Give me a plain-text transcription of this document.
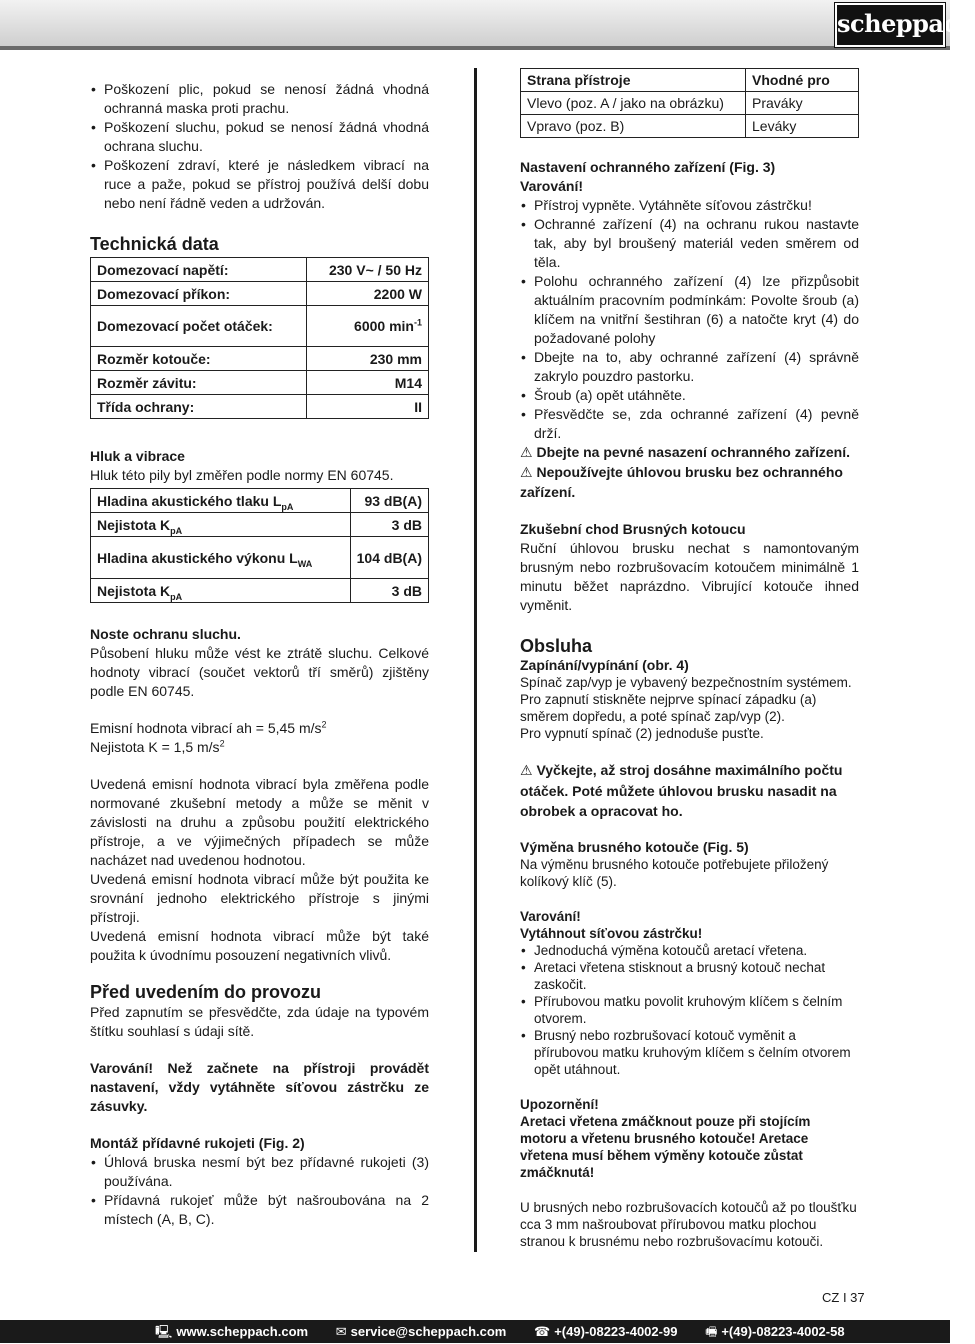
scheppach
• Poškození plic, pokud se nenosí žádná vhodná ochranná maska proti prachu.
• Poškození sluchu, pokud se nenosí žádná vhodná ochrana sluchu.
• Poškození zdraví, které je následkem vibrací na ruce a paže, pokud se přístroj používá delší dobu nebo není řádně veden a udržován.
Technická data
Domezovací napětí:	230 V~ / 50 Hz
Domezovací příkon:	2200 W
Domezovací počet otáček:	6000 $\min^{-1}$
Rozměr kotouče:	230 mm
Rozměr závitu:	M14
Třída ochrany:	II
Hluk a vibrace

Hluk této pily byl změřen podle normy EN 60745.

Hladina akustického tlaku $L_{pA}$	93 dB(A)
Nejistota $K_{pA}$	3 dB
Hladina akustického výkonu $L_{WA}$	104 dB(A)
Nejistota $K_{pA}$	3 dB
Noste ochranu sluchu.

Působení hluku může vést ke ztrátě sluchu. Celkové hodnoty vibrací (součet vektorů tří směrů) zjištěny podle EN 60745.

Emisní hodnota vibrací ah = 5,45 $m/s^2$

Nejistota K = 1,5 $m/s^2$

Uvedená emisní hodnota vibrací byla změřena podle normované zkušební metody a může se měnit v závislosti na druhu a způsobu použití elektrického přístroje, a ve výjimečných případech se může nacházet nad uvedenou hodnotou.

Uvedená emisní hodnota vibrací může být použita ke srovnání jednoho elektrického přístroje s jinými přístroji.

Uvedená emisní hodnota vibrací může být také použita k úvodnímu posouzení negativních vlivů.

Před uvedením do provozu

Před zapnutím se přesvědčte, zda údaje na typovém štítku souhlasí s údaji sítě.

Varování! Než začnete na přístroji provádět nastavení, vždy vytáhněte síťovou zástrčku ze zásuvky.

Montáž přídavné rukojeti (Fig. 2)
• Úhlová bruska nesmí být bez přídavné rukojeti (3) používána.
• Přídavná rukojeť může být našroubována na 2 místech (A, B, C).
Strana přístroje	Vhodné pro
Vlevo (poz. A / jako na obrázku)	Praváky
Vpravo (poz. B)	Leváky
Nastavení ochranného zařízení (Fig. 3)

Varování!

• Přístroj vypněte. Vytáhněte síťovou zástrčku!
• Ochranné zařízení (4) na ochranu rukou nastavte tak, aby byl broušený materiál veden směrem od těla.
• Polohu ochranného zařízení (4) lze přizpůsobit aktuálním pracovním podmínkám: Povolte šroub (a) klíčem na vnitřní šestihran (6) a natočte kryt (4) do požadované polohy
• Dbejte na to, aby ochranné zařízení (4) správně zakrylo pouzdro pastorku.
• Šroub (a) opět utáhněte.
• Přesvědčte se, zda ochranné zařízení (4) pevně drží.

⚠ Dbejte na pevné nasazení ochranného zařízení.

⚠ Nepoužívejte úhlovou brusku bez ochranného zařízení.

Zkušební chod Brusných kotoucu

Ruční úhlovou brusku nechat s namontovaným brusným nebo rozbrušovacím kotoučem minimálně 1 minutu běžet naprázdno. Vibrující kotouče ihned vyměnit.

Obsluha
Zapínání/vypínání (obr. 4)

Spínač zap/vyp je vybavený bezpečnostním systémem.

Pro zapnutí stiskněte nejprve spínací západku (a) směrem dopředu, a poté spínač zap/vyp (2).

Pro vypnutí spínač (2) jednoduše pusťte.

⚠ Vyčkejte, až stroj dosáhne maximálního počtu otáček. Poté můžete úhlovou brusku nasadit na obrobek a opracovat ho.

Výměna brusného kotouče (Fig. 5)

Na výměnu brusného kotouče potřebujete přiložený kolíkový klíč (5).

Varování!

Vytáhnout síťovou zástrčku!

• Jednoduchá výměna kotoučů aretací vřetena.
• Aretaci vřetena stisknout a brusný kotouč nechat zaskočit.
• Přírubovou matku povolit kruhovým klíčem s čelním otvorem.
• Brusný nebo rozbrušovací kotouč vyměnit a přírubovou matku kruhovým klíčem s čelním otvorem opět utáhnout.

Upozornění!

Aretaci vřetena zmáčknout pouze při stojícím motoru a vřetenu brusného kotouče! Aretace vřetena musí během výměny kotouče zůstat zmáčknutá!

U brusných nebo rozbrušovacích kotoučů až po tloušťku cca 3 mm našroubovat přírubovou matku plochou stranou k brusnému nebo rozbrušovacímu kotouči.

CZ I 37
🖳 www.scheppach.com ✉ service@scheppach.com ☎ +(49)-08223-4002-99 🖷 +(49)-08223-4002-58
